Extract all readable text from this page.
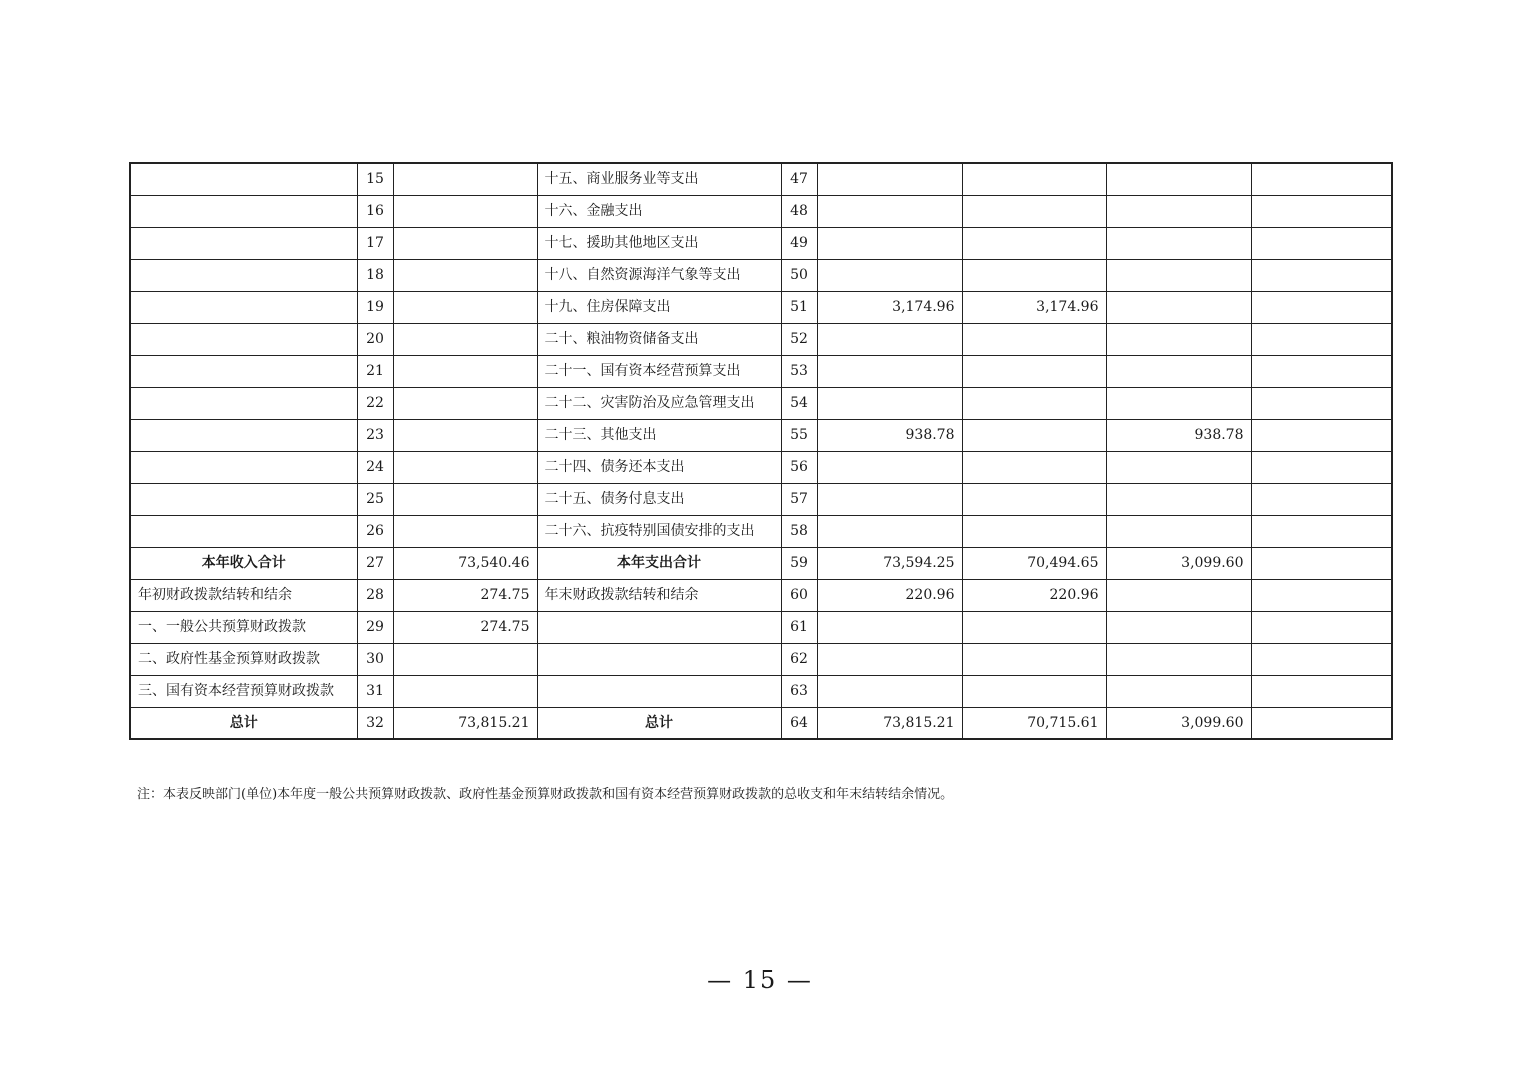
	15		十五、商业服务业等支出	47				
	16		十六、金融支出	48				
	17		十七、援助其他地区支出	49				
	18		十八、自然资源海洋气象等支出	50				
	19		十九、住房保障支出	51	3,174.96	3,174.96		
	20		二十、粮油物资储备支出	52				
	21		二十一、国有资本经营预算支出	53				
	22		二十二、灾害防治及应急管理支出	54				
	23		二十三、其他支出	55	938.78		938.78	
	24		二十四、债务还本支出	56				
	25		二十五、债务付息支出	57				
	26		二十六、抗疫特别国债安排的支出	58				
本年收入合计	27	73,540.46	本年支出合计	59	73,594.25	70,494.65	3,099.60	
年初财政拨款结转和结余	28	274.75	年末财政拨款结转和结余	60	220.96	220.96		
一、一般公共预算财政拨款	29	274.75		61				
二、政府性基金预算财政拨款	30			62				
三、国有资本经营预算财政拨款	31			63				
总计	32	73,815.21	总计	64	73,815.21	70,715.61	3,099.60	
注：本表反映部门(单位)本年度一般公共预算财政拨款、政府性基金预算财政拨款和国有资本经营预算财政拨款的总收支和年末结转结余情况。
— 15 —
